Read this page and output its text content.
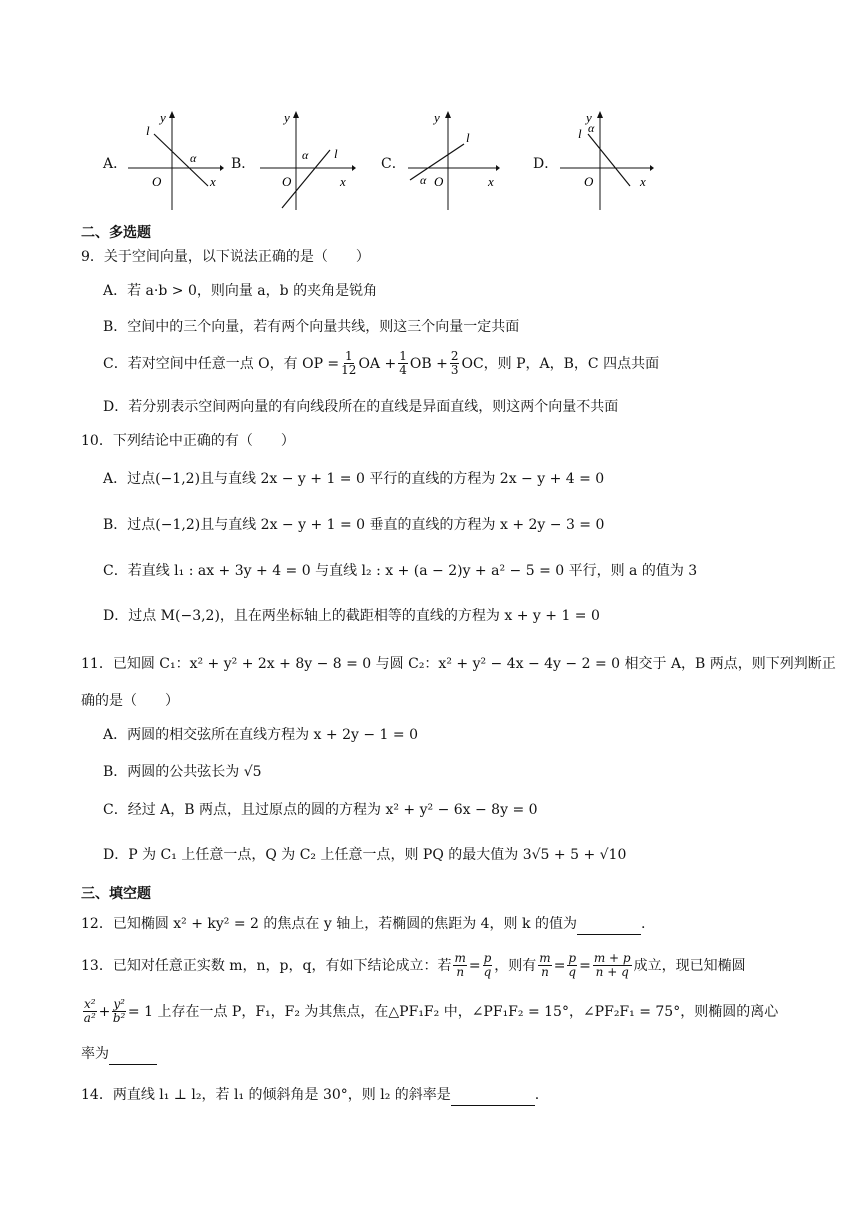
A．
l
α
O	x
y
B．
l
α
O	x
y
C．
l
α O	x
y
D．
l α
O	x
y
二、多选题
9．关于空间向量，以下说法正确的是（　　）
A．若 a·b > 0，则向量 a，b 的夹角是锐角
B．空间中的三个向量，若有两个向量共线，则这三个向量一定共面
C．若对空间中任意一点 O，有 OP = $\frac{1}{12}$ OA + $\frac{1}{4}$ OB + $\frac{2}{3}$ OC，则 P，A，B，C 四点共面
D．若分别表示空间两向量的有向线段所在的直线是异面直线，则这两个向量不共面
10．下列结论中正确的有（　　）
A．过点(−1,2)且与直线 2x − y + 1 = 0 平行的直线的方程为 2x − y + 4 = 0
B．过点(−1,2)且与直线 2x − y + 1 = 0 垂直的直线的方程为 x + 2y − 3 = 0
C．若直线 l₁ : ax + 3y + 4 = 0 与直线 l₂ : x + (a − 2)y + a² − 5 = 0 平行，则 a 的值为 3
D．过点 M(−3,2)，且在两坐标轴上的截距相等的直线的方程为 x + y + 1 = 0
11．已知圆 C₁：x² + y² + 2x + 8y − 8 = 0 与圆 C₂：x² + y² − 4x − 4y − 2 = 0 相交于 A，B 两点，则下列判断正
确的是（　　）
A．两圆的相交弦所在直线方程为 x + 2y − 1 = 0
B．两圆的公共弦长为 √5
C．经过 A，B 两点，且过原点的圆的方程为 x² + y² − 6x − 8y = 0
D．P 为 C₁ 上任意一点，Q 为 C₂ 上任意一点，则 PQ 的最大值为 3√5 + 5 + √10
三、填空题
12．已知椭圆 x² + ky² = 2 的焦点在 y 轴上，若椭圆的焦距为 4，则 k 的值为	.
13．已知对任意正实数 m，n，p，q，有如下结论成立：若 $\frac{m}{n} = \frac{p}{q}$ ，则有 $\frac{m}{n} = \frac{p}{q} = \frac{m + p}{n + q}$ 成立，现已知椭圆
$\frac{\text{x²}}{\text{a²}} + \frac{\text{y²}}{\text{b²}} = 1$ 上存在一点 P，F₁，F₂ 为其焦点，在△PF₁F₂ 中，∠PF₁F₂ = 15°，∠PF₂F₁ = 75°，则椭圆的离心
率为
14．两直线 l₁ ⊥ l₂，若 l₁ 的倾斜角是 30°，则 l₂ 的斜率是	.
